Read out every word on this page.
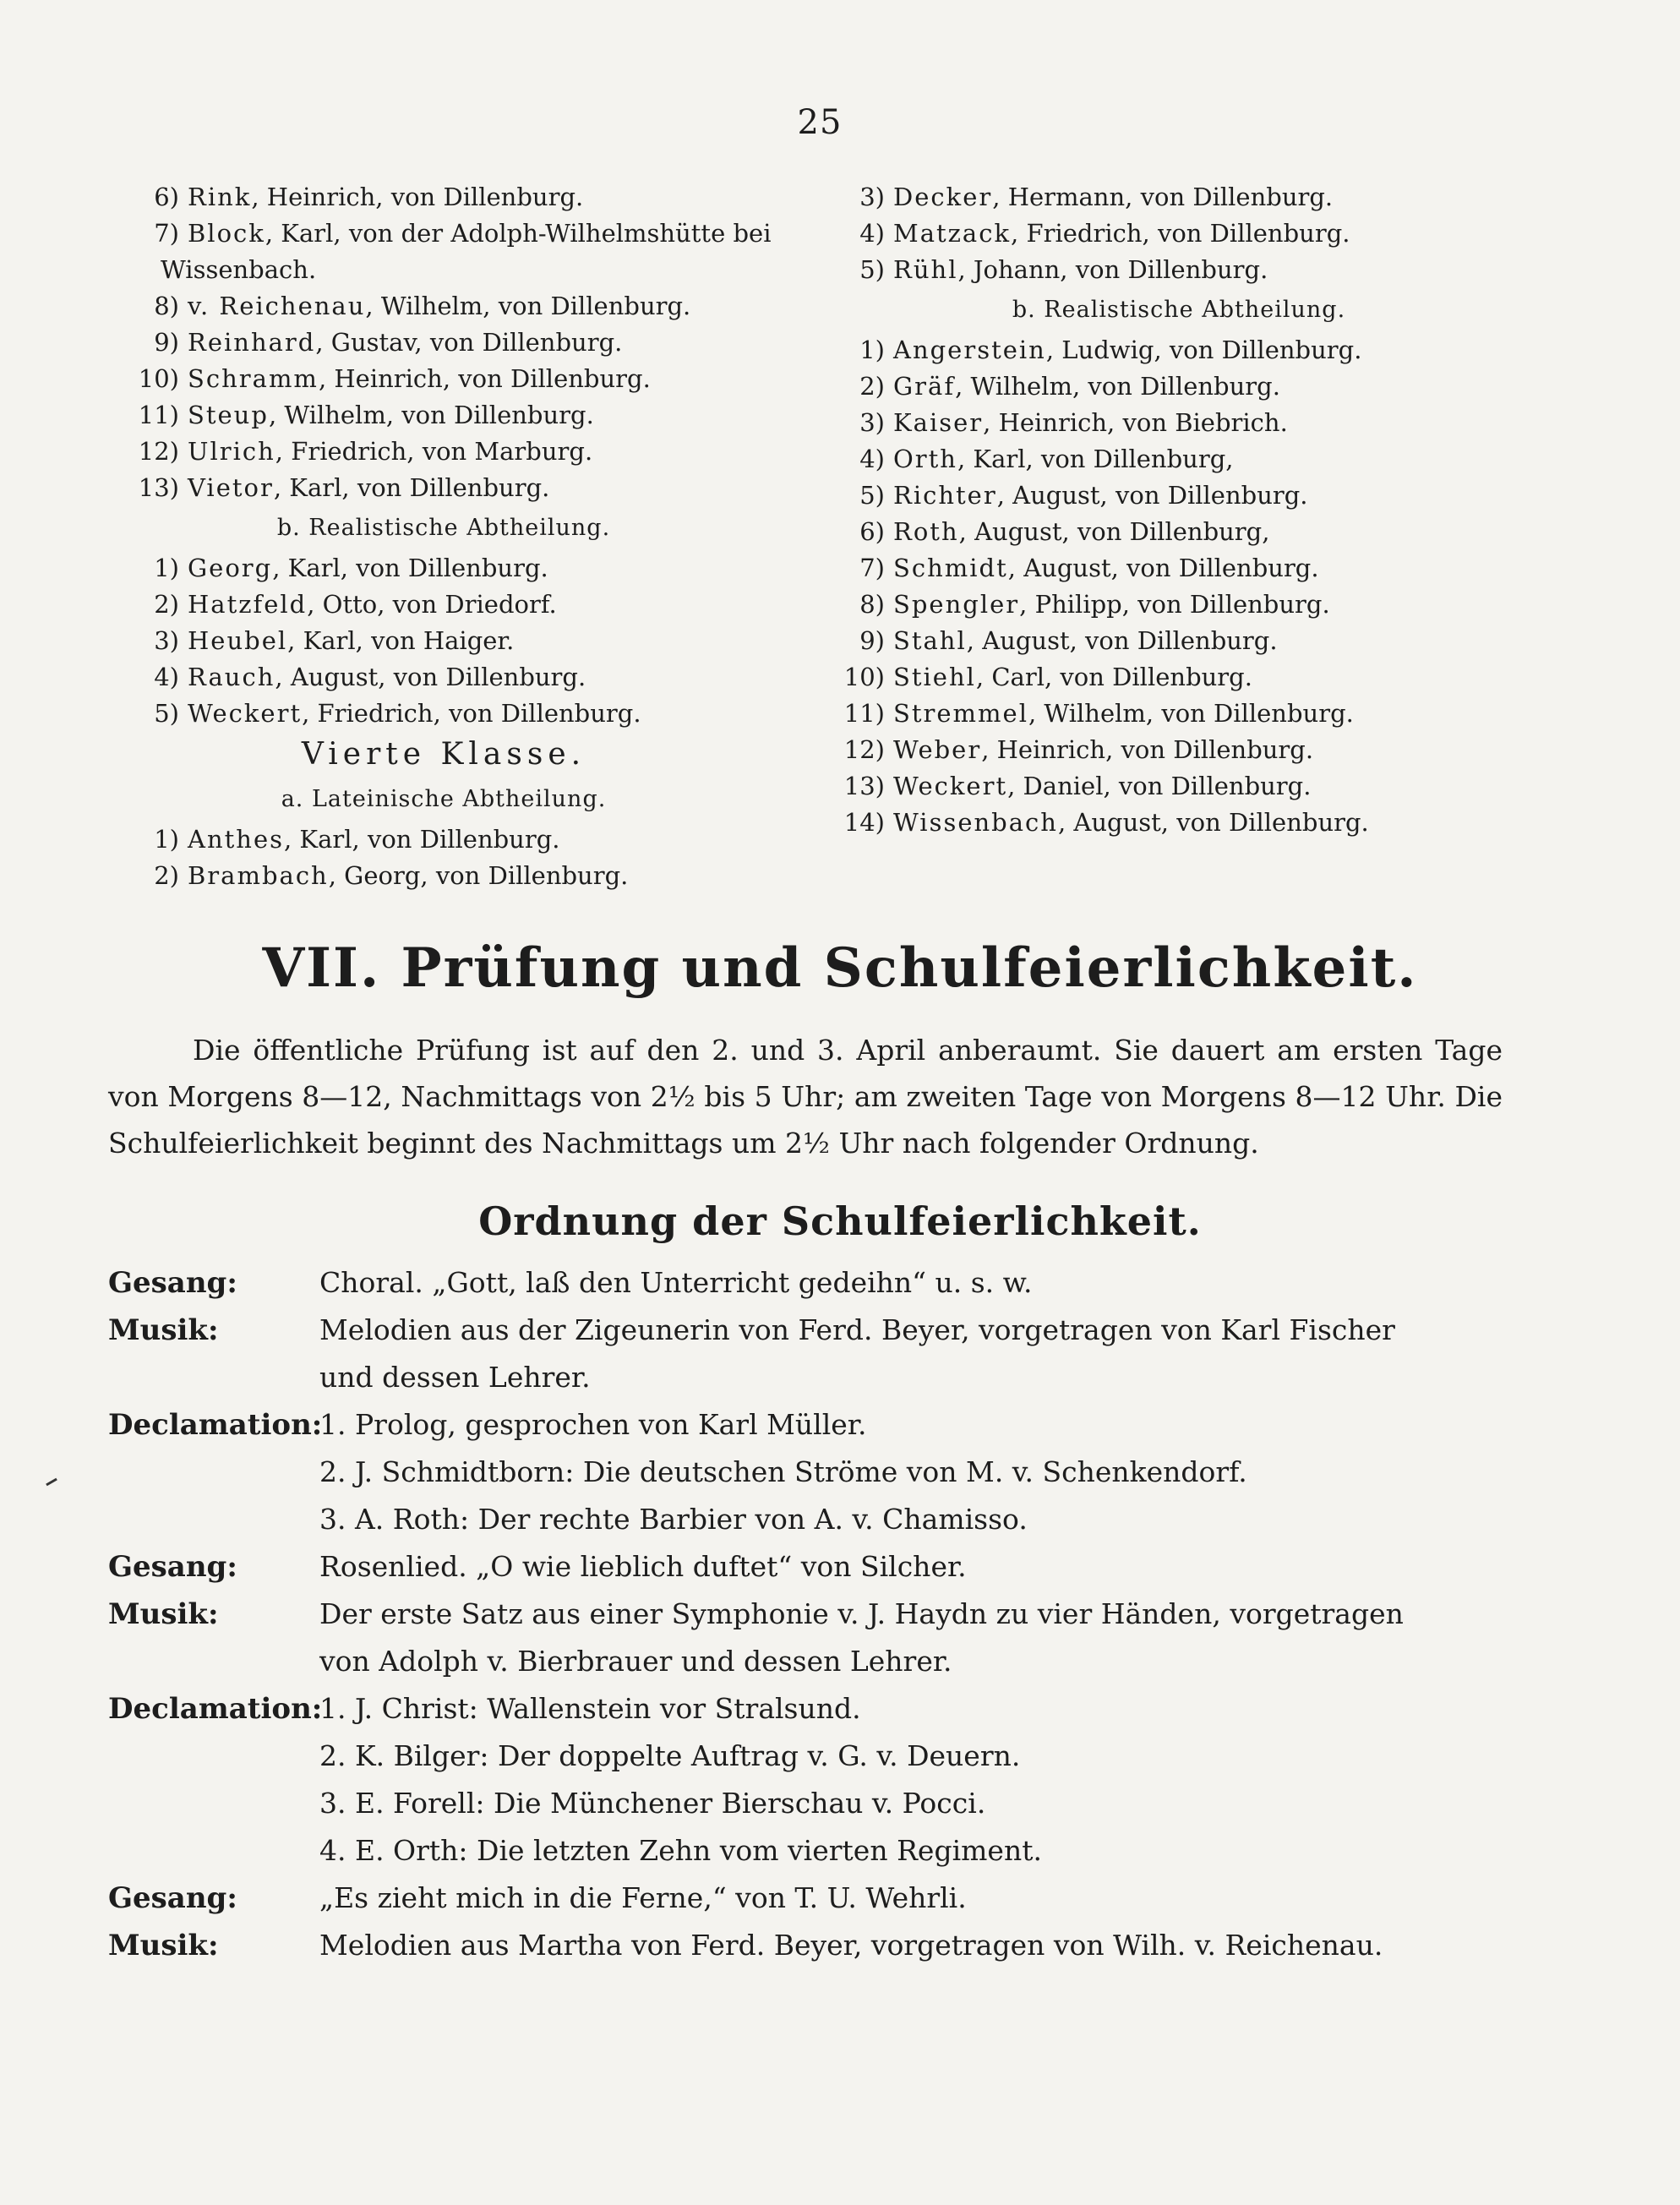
25
6) Rink, Heinrich, von Dillenburg.
7) Block, Karl, von der Adolph-Wilhelmshütte bei
Wissenbach.
8) v. Reichenau, Wilhelm, von Dillenburg.
9) Reinhard, Gustav, von Dillenburg.
10) Schramm, Heinrich, von Dillenburg.
11) Steup, Wilhelm, von Dillenburg.
12) Ulrich, Friedrich, von Marburg.
13) Vietor, Karl, von Dillenburg.
b. Realistische Abtheilung.
1) Georg, Karl, von Dillenburg.
2) Hatzfeld, Otto, von Driedorf.
3) Heubel, Karl, von Haiger.
4) Rauch, August, von Dillenburg.
5) Weckert, Friedrich, von Dillenburg.
Vierte Klasse.
a. Lateinische Abtheilung.
1) Anthes, Karl, von Dillenburg.
2) Brambach, Georg, von Dillenburg.
3) Decker, Hermann, von Dillenburg.
4) Matzack, Friedrich, von Dillenburg.
5) Rühl, Johann, von Dillenburg.
b. Realistische Abtheilung.
1) Angerstein, Ludwig, von Dillenburg.
2) Gräf, Wilhelm, von Dillenburg.
3) Kaiser, Heinrich, von Biebrich.
4) Orth, Karl, von Dillenburg,
5) Richter, August, von Dillenburg.
6) Roth, August, von Dillenburg,
7) Schmidt, August, von Dillenburg.
8) Spengler, Philipp, von Dillenburg.
9) Stahl, August, von Dillenburg.
10) Stiehl, Carl, von Dillenburg.
11) Stremmel, Wilhelm, von Dillenburg.
12) Weber, Heinrich, von Dillenburg.
13) Weckert, Daniel, von Dillenburg.
14) Wissenbach, August, von Dillenburg.
VII. Prüfung und Schulfeierlichkeit.
Die öffentliche Prüfung ist auf den 2. und 3. April anberaumt. Sie dauert am ersten Tage von Morgens 8—12, Nachmittags von 2½ bis 5 Uhr; am zweiten Tage von Morgens 8—12 Uhr. Die Schulfeierlichkeit beginnt des Nachmittags um 2½ Uhr nach folgender Ordnung.
Ordnung der Schulfeierlichkeit.
Gesang:	Choral. „Gott, laß den Unterricht gedeihn“ u. s. w.
Musik:	Melodien aus der Zigeunerin von Ferd. Beyer, vorgetragen von Karl Fischer
und dessen Lehrer.
Declamation:
1. Prolog, gesprochen von Karl Müller.
2. J. Schmidtborn: Die deutschen Ströme von M. v. Schenkendorf.
3. A. Roth: Der rechte Barbier von A. v. Chamisso.
Gesang:	Rosenlied. „O wie lieblich duftet“ von Silcher.
Musik:	Der erste Satz aus einer Symphonie v. J. Haydn zu vier Händen, vorgetragen
von Adolph v. Bierbrauer und dessen Lehrer.
Declamation:
1. J. Christ: Wallenstein vor Stralsund.
2. K. Bilger: Der doppelte Auftrag v. G. v. Deuern.
3. E. Forell: Die Münchener Bierschau v. Pocci.
4. E. Orth: Die letzten Zehn vom vierten Regiment.
Gesang:	„Es zieht mich in die Ferne,“ von T. U. Wehrli.
Musik:	Melodien aus Martha von Ferd. Beyer, vorgetragen von Wilh. v. Reichenau.
